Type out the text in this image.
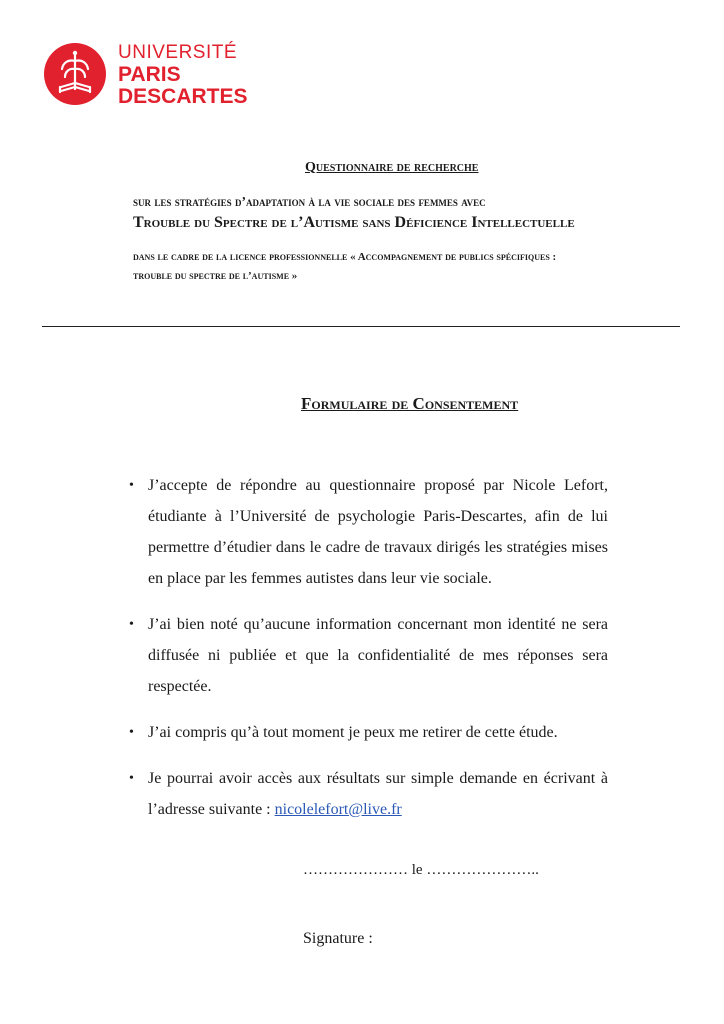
UNIVERSITÉ
PARIS
DESCARTES
Questionnaire de recherche
sur les stratégies d’adaptation à la vie sociale des femmes avec
Trouble du Spectre de l’Autisme sans Déficience Intellectuelle
dans le cadre de la licence professionnelle « Accompagnement de publics spécifiques :
trouble du spectre de l’autisme »
Formulaire de Consentement
• J’accepte de répondre au questionnaire proposé par Nicole Lefort, étudiante à l’Université de psychologie Paris-Descartes, afin de lui permettre d’étudier dans le cadre de travaux dirigés les stratégies mises en place par les femmes autistes dans leur vie sociale.
• J’ai bien noté qu’aucune information concernant mon identité ne sera diffusée ni publiée et que la confidentialité de mes réponses sera respectée.
• J’ai compris qu’à tout moment je peux me retirer de cette étude.
• Je pourrai avoir accès aux résultats sur simple demande en écrivant à l’adresse suivante : nicolelefort@live.fr
………………… le …………………..
Signature :
